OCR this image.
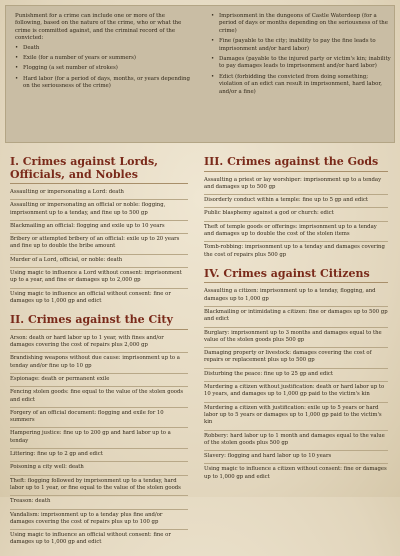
Punishment for a crime can include one or more of the following, based on the nature of the crime, who or what the crime is committed against, and the criminal record of the convicted:

• Death
• Exile (for a number of years or summers)
• Flogging (a set number of strokes)
• Hard labor (for a period of days, months, or years depending on the seriousness of the crime)
• Imprisonment in the dungeons of Castle Waterdeep (for a period of days or months depending on the seriousness of the crime)
• Fine (payable to the city; inability to pay the fine leads to imprisonment and/or hard labor)
• Damages (payable to the injured party or victim's kin; inability to pay damages leads to imprisonment and/or hard labor)
• Edict (forbidding the convicted from doing something; violation of an edict can result in imprisonment, hard labor, and/or a fine)
I. Crimes against Lords, Officials, and Nobles
Assaulting or impersonating a Lord: death
Assaulting or impersonating an official or noble: flogging, imprisonment up to a tenday, and fine up to 500 gp
Blackmailing an official: flogging and exile up to 10 years
Bribery or attempted bribery of an official: exile up to 20 years and fine up to double the bribe amount
Murder of a Lord, official, or noble: death
Using magic to influence a Lord without consent: imprisonment up to a year, and fine or damages up to 2,000 gp
Using magic to influence an official without consent: fine or damages up to 1,000 gp and edict
II. Crimes against the City
Arson: death or hard labor up to 1 year, with fines and/or damages covering the cost of repairs plus 2,000 gp
Brandishing weapons without due cause: imprisonment up to a tenday and/or fine up to 10 gp
Espionage: death or permanent exile
Fencing stolen goods: fine equal to the value of the stolen goods and edict
Forgery of an official document: flogging and exile for 10 summers
Hampering justice: fine up to 200 gp and hard labor up to a tenday
Littering: fine up to 2 gp and edict
Poisoning a city well: death
Theft: flogging followed by imprisonment up to a tenday, hard labor up to 1 year, or fine equal to the value of the stolen goods
Treason: death
Vandalism: imprisonment up to a tenday plus fine and/or damages covering the cost of repairs plus up to 100 gp
Using magic to influence an official without consent: fine or damages up to 1,000 gp and edict
III. Crimes against the Gods
Assaulting a priest or lay worshiper: imprisonment up to a tenday and damages up to 500 gp
Disorderly conduct within a temple: fine up to 5 gp and edict
Public blasphemy against a god or church: edict
Theft of temple goods or offerings: imprisonment up to a tenday and damages up to double the cost of the stolen items
Tomb-robbing: imprisonment up to a tenday and damages covering the cost of repairs plus 500 gp
IV. Crimes against Citizens
Assaulting a citizen: imprisonment up to a tenday, flogging, and damages up to 1,000 gp
Blackmailing or intimidating a citizen: fine or damages up to 500 gp and edict
Burglary: imprisonment up to 3 months and damages equal to the value of the stolen goods plus 500 gp
Damaging property or livestock: damages covering the cost of repairs or replacement plus up to 500 gp
Disturbing the peace: fine up to 25 gp and edict
Murdering a citizen without justification: death or hard labor up to 10 years, and damages up to 1,000 gp paid to the victim's kin
Murdering a citizen with justification: exile up to 5 years or hard labor up to 5 years or damages up to 1,000 gp paid to the victim's kin
Robbery: hard labor up to 1 month and damages equal to the value of the stolen goods plus 500 gp
Slavery: flogging and hard labor up to 10 years
Using magic to influence a citizen without consent: fine or damages up to 1,000 gp and edict
